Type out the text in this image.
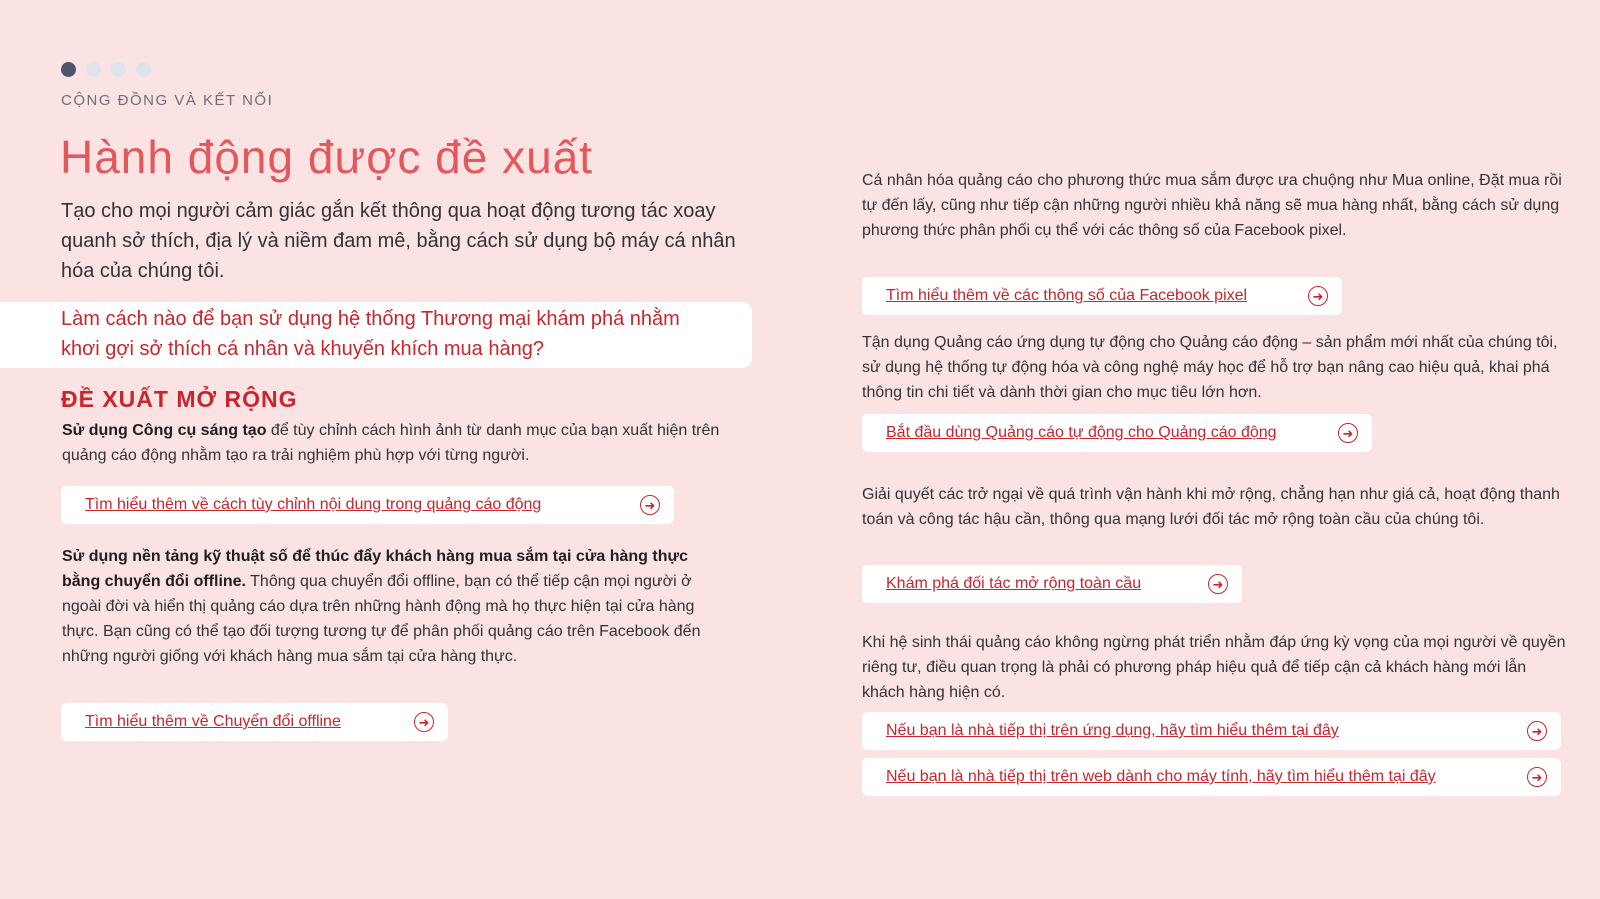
CỘNG ĐỒNG VÀ KẾT NỐI
Hành động được đề xuất

Tạo cho mọi người cảm giác gắn kết thông qua hoạt động tương tác xoay quanh sở thích, địa lý và niềm đam mê, bằng cách sử dụng bộ máy cá nhân hóa của chúng tôi.

Làm cách nào để bạn sử dụng hệ thống Thương mại khám phá nhằm khơi gợi sở thích cá nhân và khuyến khích mua hàng?

ĐỀ XUẤT MỞ RỘNG

Sử dụng Công cụ sáng tạo để tùy chỉnh cách hình ảnh từ danh mục của bạn xuất hiện trên quảng cáo động nhằm tạo ra trải nghiệm phù hợp với từng người.

Tìm hiểu thêm về cách tùy chỉnh nội dung trong quảng cáo động	➜

Sử dụng nền tảng kỹ thuật số để thúc đẩy khách hàng mua sắm tại cửa hàng thực bằng chuyển đổi offline. Thông qua chuyển đổi offline, bạn có thể tiếp cận mọi người ở ngoài đời và hiển thị quảng cáo dựa trên những hành động mà họ thực hiện tại cửa hàng thực. Bạn cũng có thể tạo đối tượng tương tự để phân phối quảng cáo trên Facebook đến những người giống với khách hàng mua sắm tại cửa hàng thực.

Tìm hiểu thêm về Chuyển đổi offline	➜

Cá nhân hóa quảng cáo cho phương thức mua sắm được ưa chuộng như Mua online, Đặt mua rồi tự đến lấy, cũng như tiếp cận những người nhiều khả năng sẽ mua hàng nhất, bằng cách sử dụng phương thức phân phối cụ thể với các thông số của Facebook pixel.

Tìm hiểu thêm về các thông số của Facebook pixel	➜

Tận dụng Quảng cáo ứng dụng tự động cho Quảng cáo động – sản phẩm mới nhất của chúng tôi, sử dụng hệ thống tự động hóa và công nghệ máy học để hỗ trợ bạn nâng cao hiệu quả, khai phá thông tin chi tiết và dành thời gian cho mục tiêu lớn hơn.

Bắt đầu dùng Quảng cáo tự động cho Quảng cáo động	➜

Giải quyết các trở ngại về quá trình vận hành khi mở rộng, chẳng hạn như giá cả, hoạt động thanh toán và công tác hậu cần, thông qua mạng lưới đối tác mở rộng toàn cầu của chúng tôi.

Khám phá đối tác mở rộng toàn cầu	➜

Khi hệ sinh thái quảng cáo không ngừng phát triển nhằm đáp ứng kỳ vọng của mọi người về quyền riêng tư, điều quan trọng là phải có phương pháp hiệu quả để tiếp cận cả khách hàng mới lẫn khách hàng hiện có.

Nếu bạn là nhà tiếp thị trên ứng dụng, hãy tìm hiểu thêm tại đây	➜
Nếu bạn là nhà tiếp thị trên web dành cho máy tính, hãy tìm hiểu thêm tại đây	➜
